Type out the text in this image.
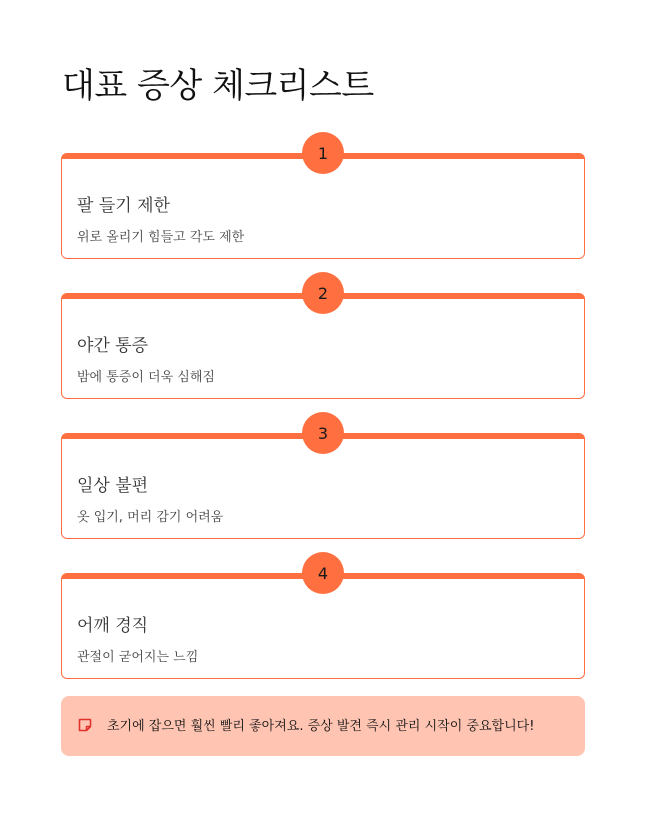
대표 증상 체크리스트
1
팔 들기 제한
위로 올리기 힘들고 각도 제한
2
야간 통증
밤에 통증이 더욱 심해짐
3
일상 불편
옷 입기, 머리 감기 어려움
4
어깨 경직
관절이 굳어지는 느낌
초기에 잡으면 훨씬 빨리 좋아져요. 증상 발견 즉시 관리 시작이 중요합니다!
